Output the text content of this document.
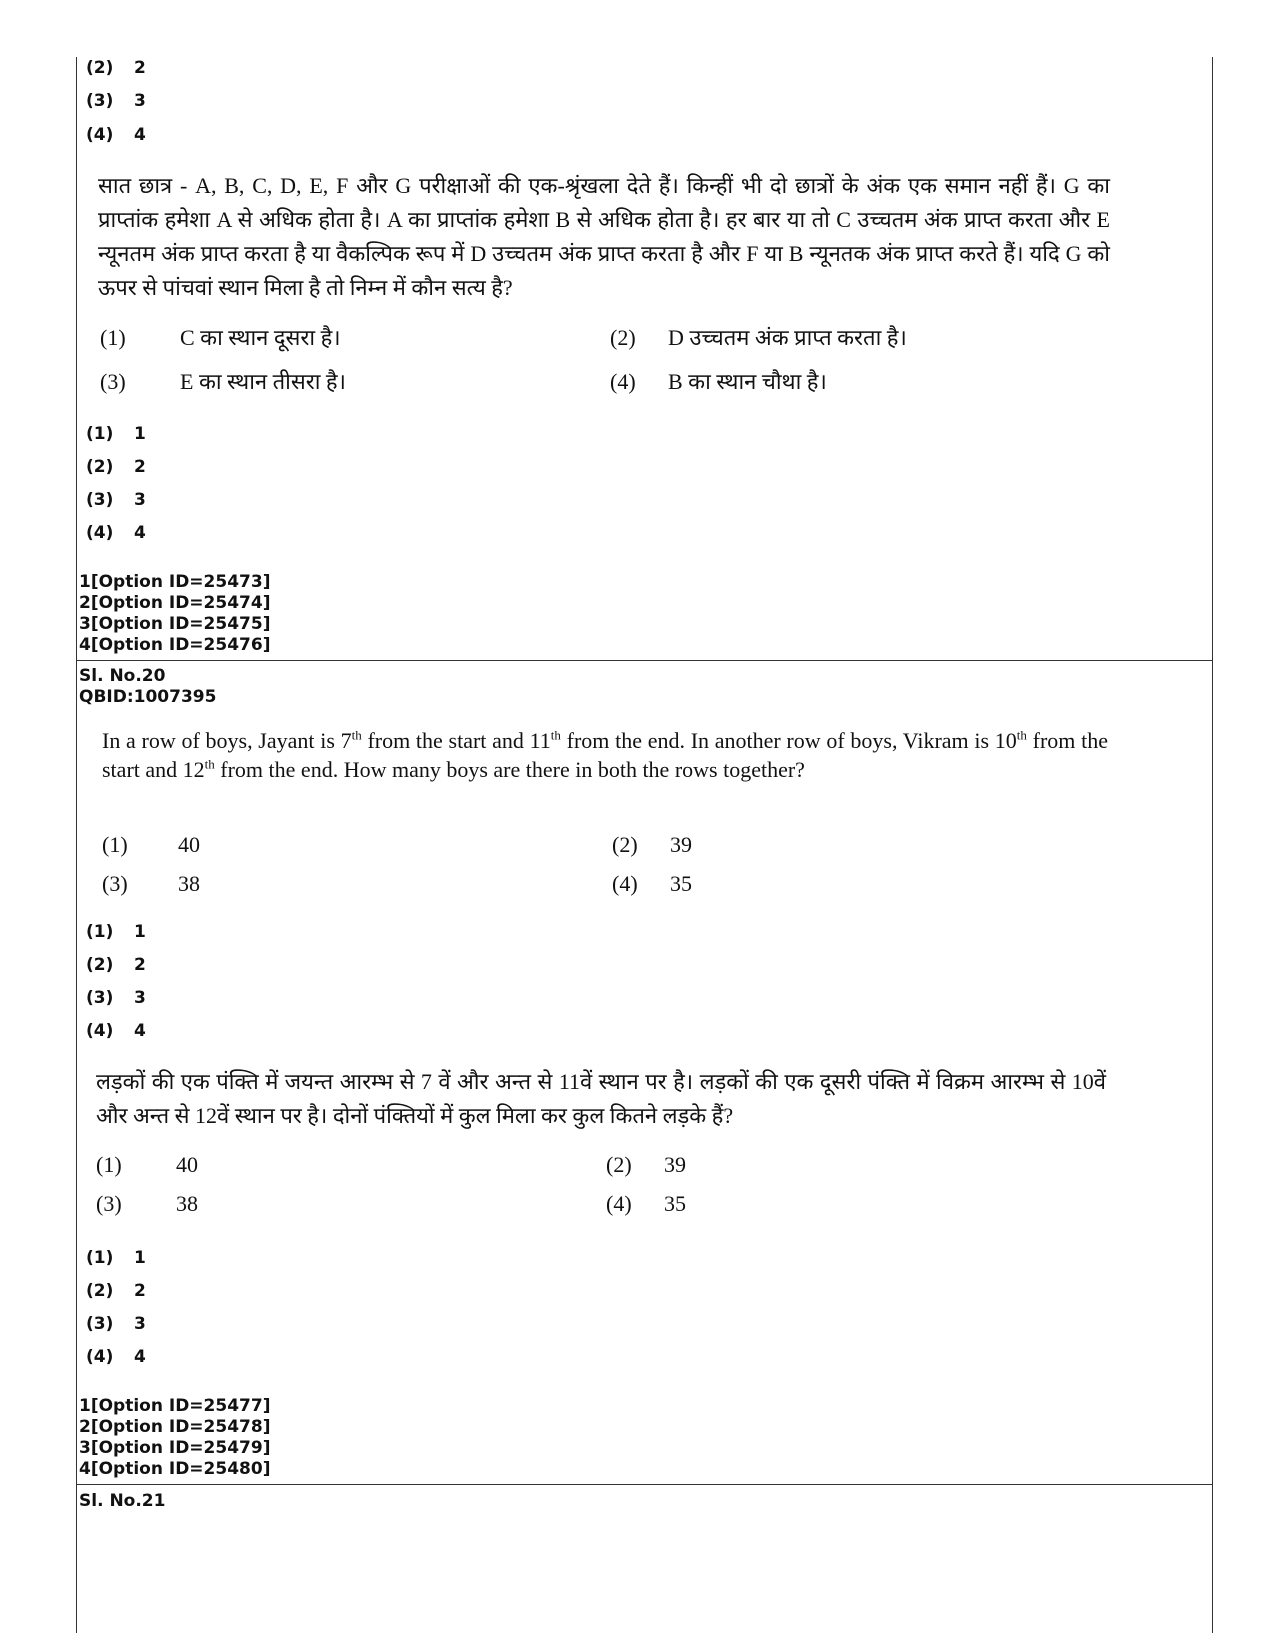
(2) 2
(3) 3
(4) 4
सात छात्र - A, B, C, D, E, F और G परीक्षाओं की एक-श्रृंखला देते हैं। किन्हीं भी दो छात्रों के अंक एक समान नहीं हैं। G का प्राप्तांक हमेशा A से अधिक होता है। A का प्राप्तांक हमेशा B से अधिक होता है। हर बार या तो C उच्चतम अंक प्राप्त करता और E न्यूनतम अंक प्राप्त करता है या वैकल्पिक रूप में D उच्चतम अंक प्राप्त करता है और F या B न्यूनतक अंक प्राप्त करते हैं। यदि G को ऊपर से पांचवां स्थान मिला है तो निम्न में कौन सत्य है?
(1) C का स्थान दूसरा है।	(2) D उच्चतम अंक प्राप्त करता है।
(3) E का स्थान तीसरा है।	(4) B का स्थान चौथा है।
(1) 1
(2) 2
(3) 3
(4) 4
1[Option ID=25473]
2[Option ID=25474]
3[Option ID=25475]
4[Option ID=25476]
Sl. No.20
QBID:1007395
In a row of boys, Jayant is 7th from the start and 11th from the end. In another row of boys, Vikram is 10th from the start and 12th from the end. How many boys are there in both the rows together?
(1) 40	(2) 39
(3) 38	(4) 35
(1) 1
(2) 2
(3) 3
(4) 4
लड़कों की एक पंक्ति में जयन्त आरम्भ से 7 वें और अन्त से 11वें स्थान पर है। लड़कों की एक दूसरी पंक्ति में विक्रम आरम्भ से 10वें और अन्त से 12वें स्थान पर है। दोनों पंक्तियों में कुल मिला कर कुल कितने लड़के हैं?
(1) 40	(2) 39
(3) 38	(4) 35
(1) 1
(2) 2
(3) 3
(4) 4
1[Option ID=25477]
2[Option ID=25478]
3[Option ID=25479]
4[Option ID=25480]
Sl. No.21
